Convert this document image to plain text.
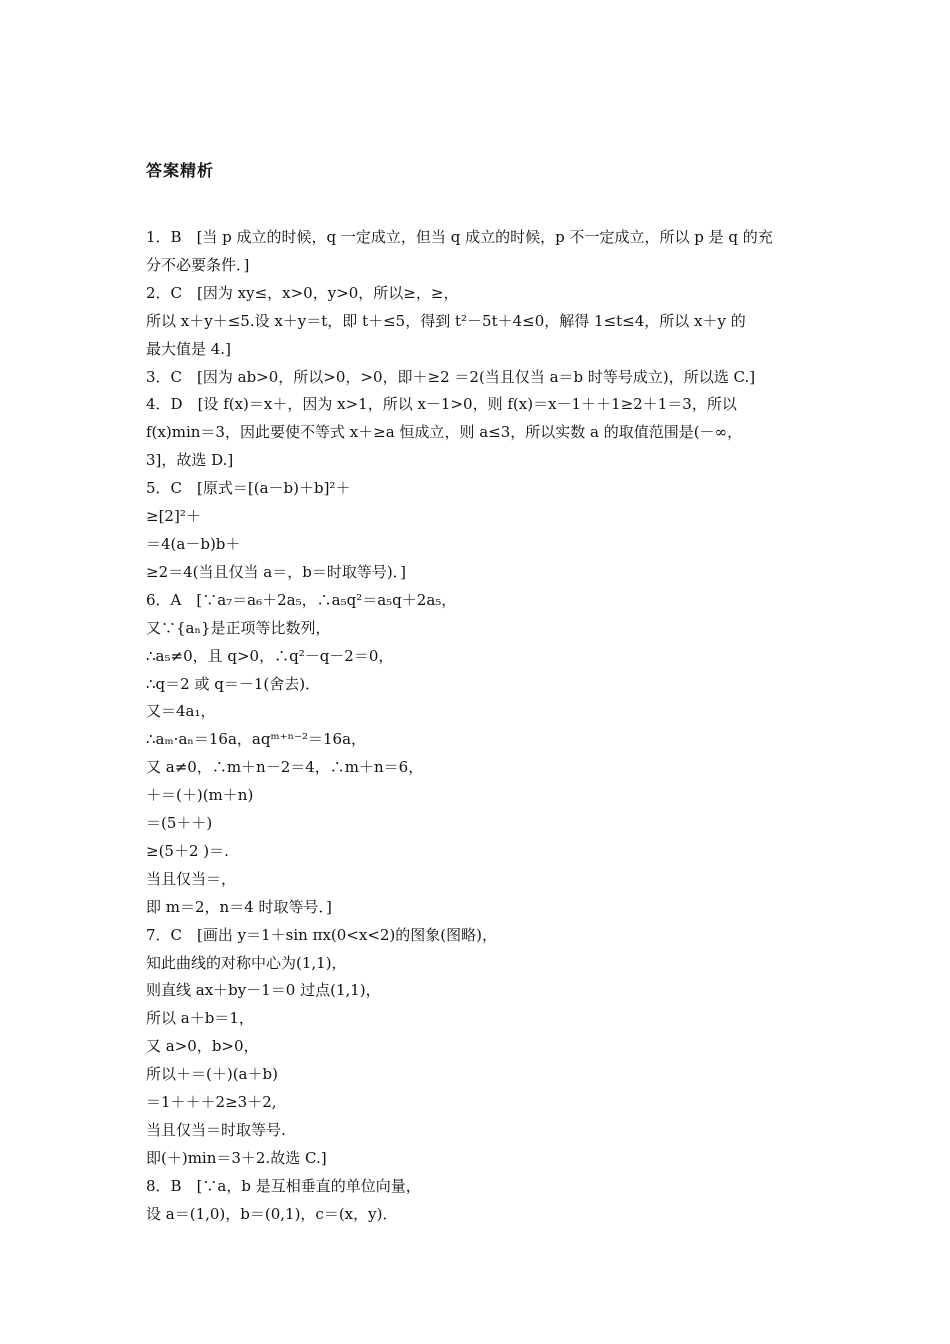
答案精析
1．B　[当 p 成立的时候，q 一定成立，但当 q 成立的时候，p 不一定成立，所以 p 是 q 的充
分不必要条件．]
2．C　[因为 xy≤，x>0，y>0，所以≥，≥，
所以 x＋y＋≤5.设 x＋y＝t，即 t＋≤5，得到 t²－5t＋4≤0，解得 1≤t≤4，所以 x＋y 的
最大值是 4.]
3．C　[因为 ab>0，所以>0，>0，即＋≥2 ＝2(当且仅当 a＝b 时等号成立)，所以选 C.]
4．D　[设 f(x)＝x＋，因为 x>1，所以 x－1>0，则 f(x)＝x－1＋＋1≥2＋1＝3，所以
f(x)min＝3，因此要使不等式 x＋≥a 恒成立，则 a≤3，所以实数 a 的取值范围是(－∞，
3]，故选 D.]
5．C　[原式＝[(a－b)＋b]²＋
≥[2]²＋
＝4(a－b)b＋
≥2＝4(当且仅当 a＝，b＝时取等号)．]
6．A　[∵a₇＝a₆＋2a₅，∴a₅q²＝a₅q＋2a₅，
又∵{aₙ}是正项等比数列，
∴a₅≠0，且 q>0，∴q²－q－2＝0，
∴q＝2 或 q＝－1(舍去)．
又＝4a₁，
∴aₘ·aₙ＝16a，aqᵐ⁺ⁿ⁻²＝16a，
又 a≠0，∴m＋n－2＝4，∴m＋n＝6，
＋＝(＋)(m＋n)
＝(5＋＋)
≥(5＋2 )＝.
当且仅当＝，
即 m＝2，n＝4 时取等号．]
7．C　[画出 y＝1＋sin πx(0<x<2)的图象(图略)，
知此曲线的对称中心为(1,1)，
则直线 ax＋by－1＝0 过点(1,1)，
所以 a＋b＝1，
又 a>0，b>0，
所以＋＝(＋)(a＋b)
＝1＋＋＋2≥3＋2,
当且仅当＝时取等号.
即(＋)min＝3＋2.故选 C.]
8．B　[∵a，b 是互相垂直的单位向量，
设 a＝(1,0)，b＝(0,1)，c＝(x，y)．
